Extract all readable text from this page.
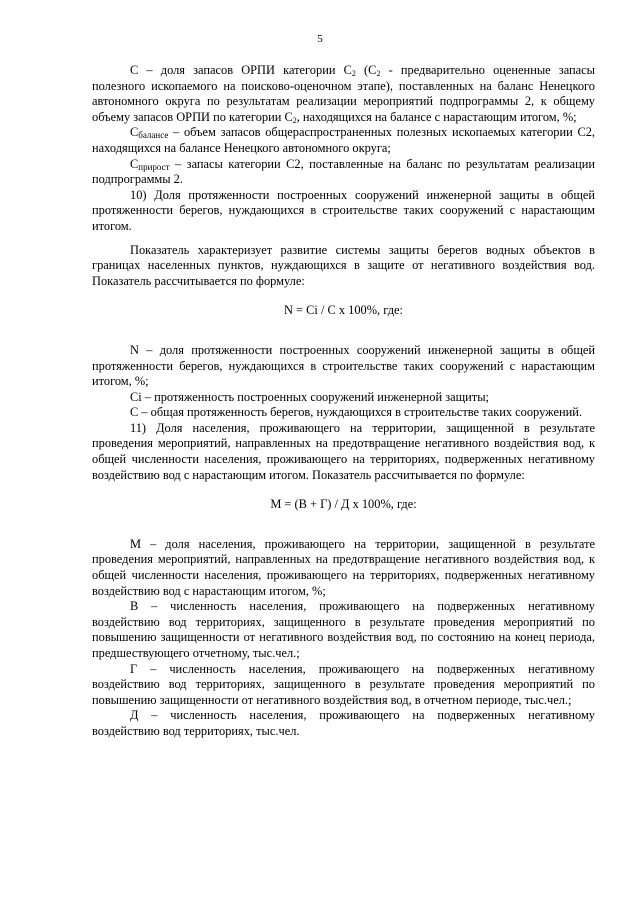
5

С – доля запасов ОРПИ категории $С_2$ ($С_2$ - предварительно оцененные запасы полезного ископаемого на поисково-оценочном этапе), поставленных на баланс Ненецкого автономного округа по результатам реализации мероприятий подпрограммы 2, к общему объему запасов ОРПИ по категории $С_2$, находящихся на балансе с нарастающим итогом, %;

$С_{балансе}$ – объем запасов общераспространенных полезных ископаемых категории С2, находящихся на балансе Ненецкого автономного округа;

$С_{прирост}$ – запасы категории С2, поставленные на баланс по результатам реализации подпрограммы 2.

10) Доля протяженности построенных сооружений инженерной защиты в общей протяженности берегов, нуждающихся в строительстве таких сооружений с нарастающим итогом.

Показатель характеризует развитие системы защиты берегов водных объектов в границах населенных пунктов, нуждающихся в защите от негативного воздействия вод. Показатель рассчитывается по формуле:

N = Ci / C x 100%, где:

N – доля протяженности построенных сооружений инженерной защиты в общей протяженности берегов, нуждающихся в строительстве таких сооружений с нарастающим итогом, %;

Ci – протяженность построенных сооружений инженерной защиты;

С – общая протяженность берегов, нуждающихся в строительстве таких сооружений.

11) Доля населения, проживающего на территории, защищенной в результате проведения мероприятий, направленных на предотвращение негативного воздействия вод, к общей численности населения, проживающего на территориях, подверженных негативному воздействию вод с нарастающим итогом. Показатель рассчитывается по формуле:

М = (В + Г) / Д х 100%, где:

М – доля населения, проживающего на территории, защищенной в результате проведения мероприятий, направленных на предотвращение негативного воздействия вод, к общей численности населения, проживающего на территориях, подверженных негативному воздействию вод с нарастающим итогом, %;

В – численность населения, проживающего на подверженных негативному воздействию вод территориях, защищенного в результате проведения мероприятий по повышению защищенности от негативного воздействия вод, по состоянию на конец периода, предшествующего отчетному, тыс.чел.;

Г – численность населения, проживающего на подверженных негативному воздействию вод территориях, защищенного в результате проведения мероприятий по повышению защищенности от негативного воздействия вод, в отчетном периоде, тыс.чел.;

Д – численность населения, проживающего на подверженных негативному воздействию вод территориях, тыс.чел.
